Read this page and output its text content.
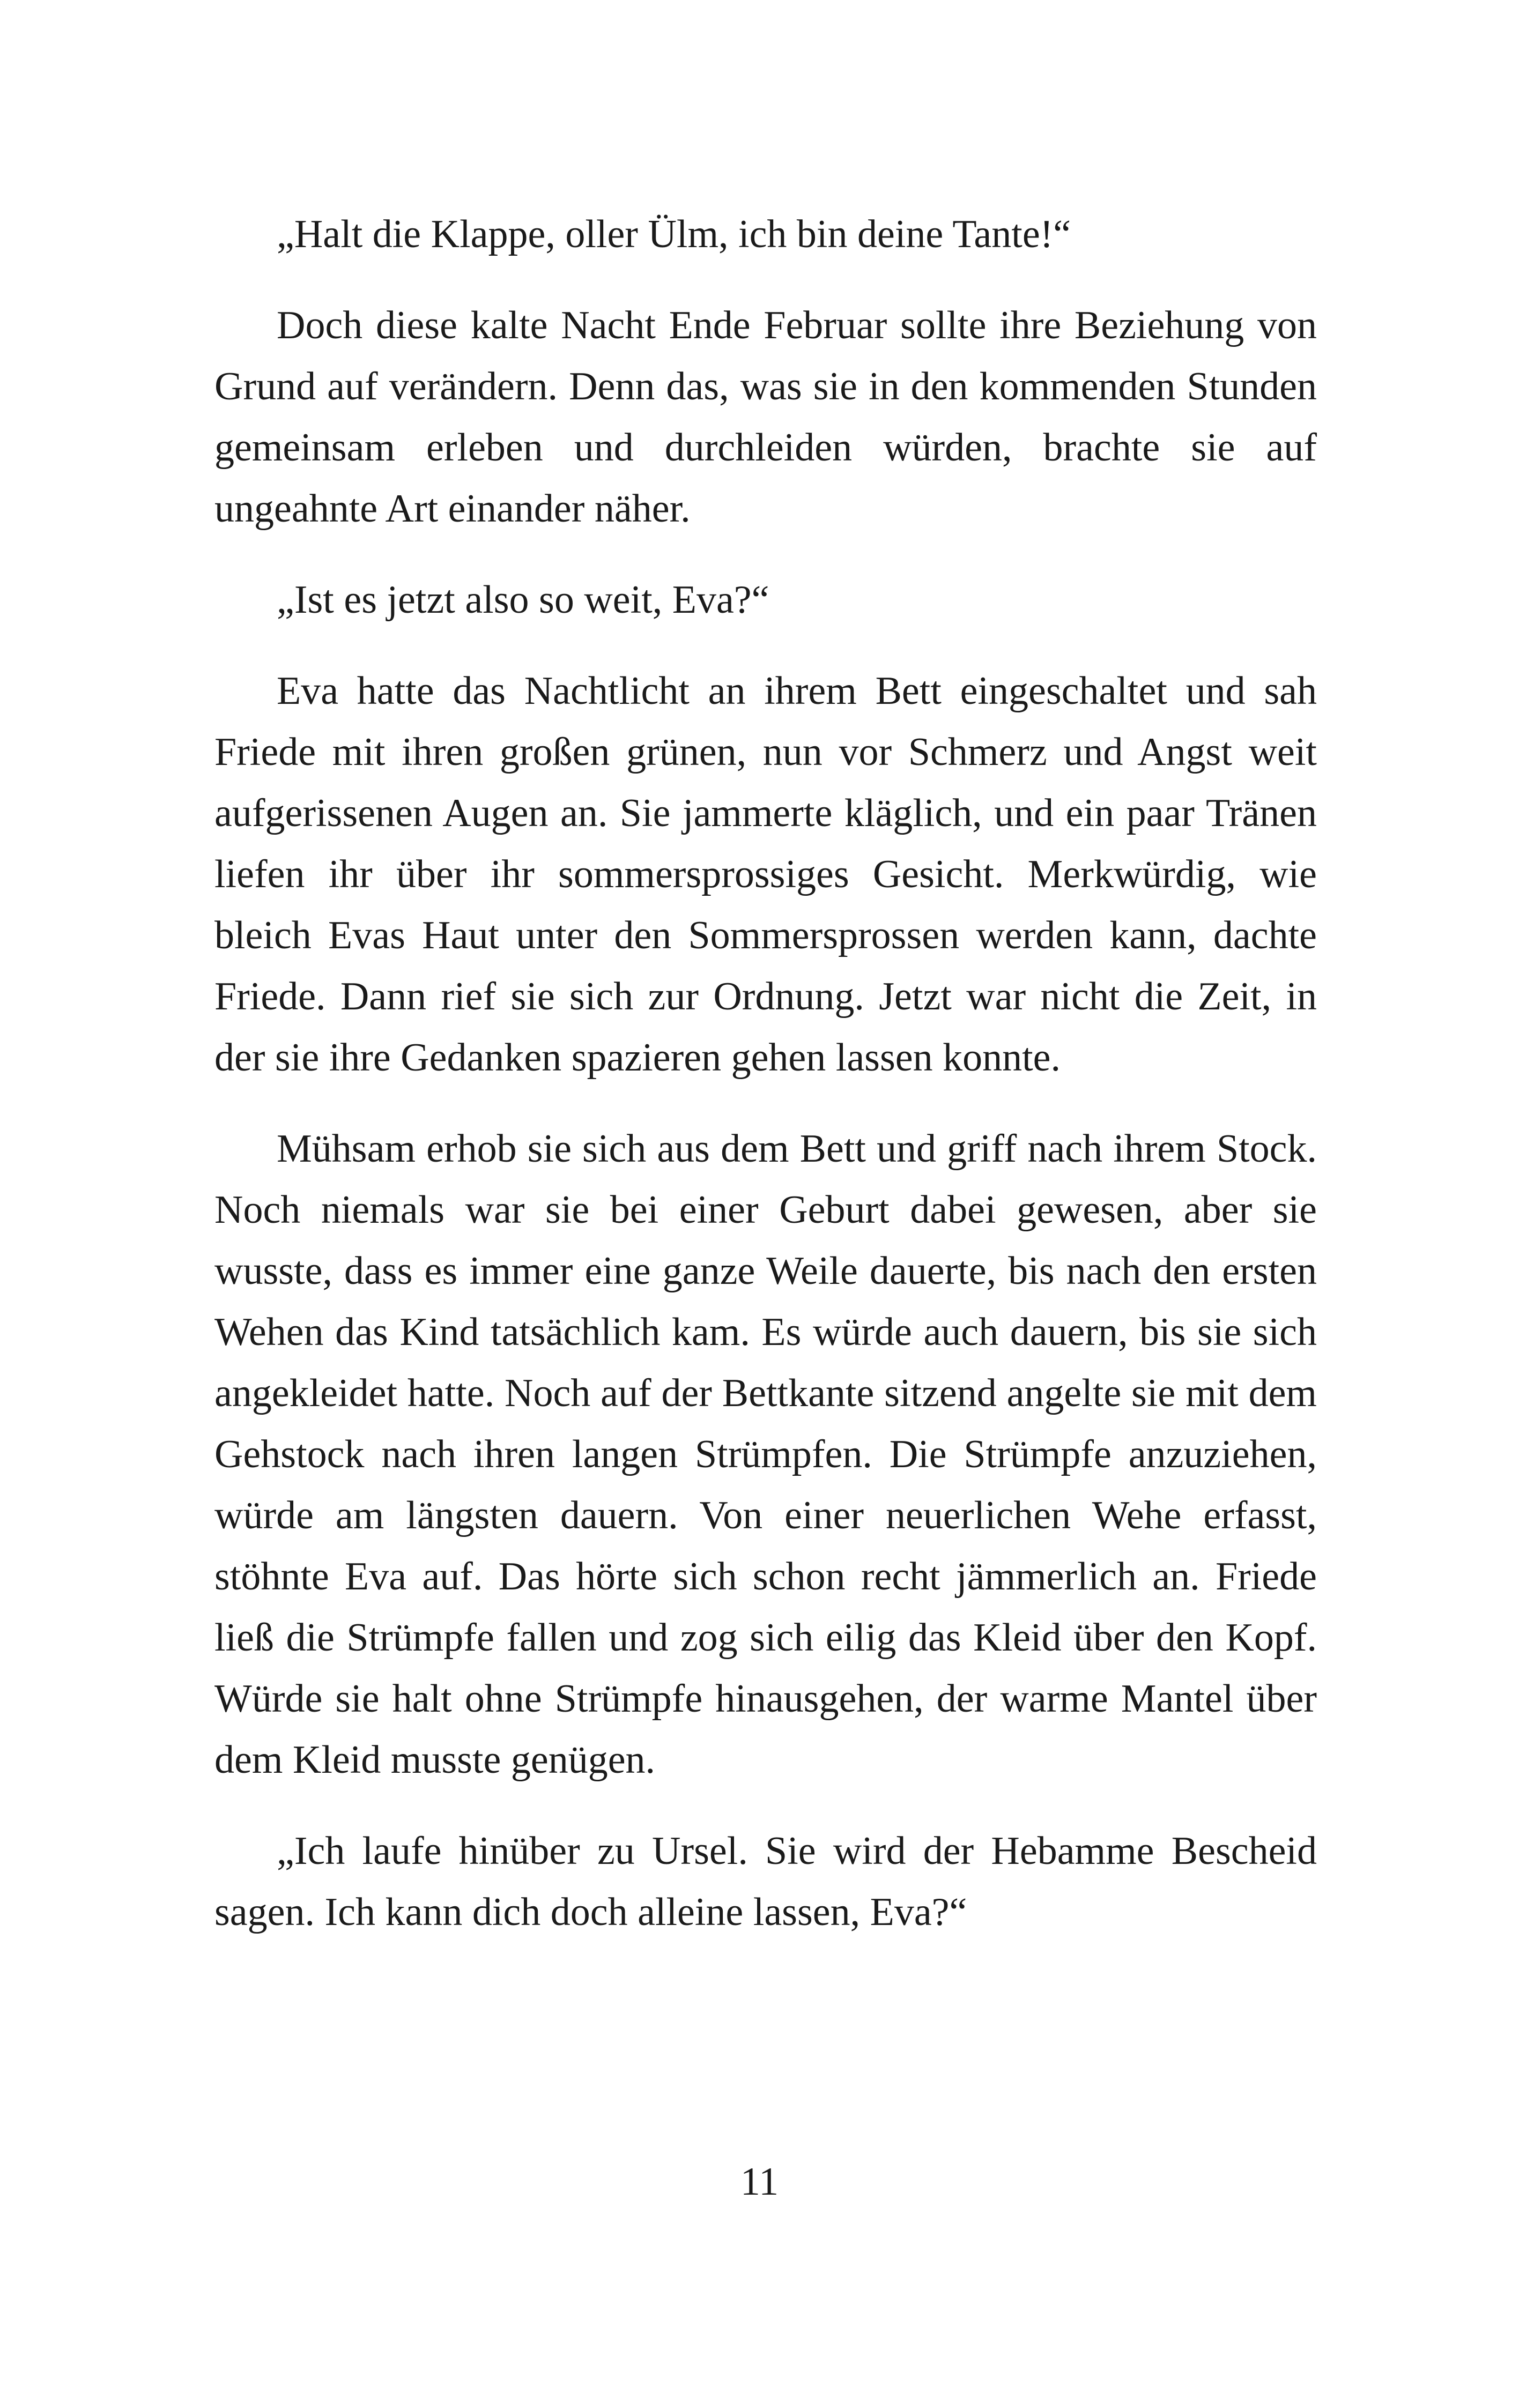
„Halt die Klappe, oller Ülm, ich bin deine Tante!“

Doch diese kalte Nacht Ende Februar sollte ihre Beziehung von Grund auf verändern. Denn das, was sie in den kommenden Stunden gemeinsam erleben und durchleiden würden, brachte sie auf ungeahnte Art einander näher.

„Ist es jetzt also so weit, Eva?“

Eva hatte das Nachtlicht an ihrem Bett eingeschaltet und sah Friede mit ihren großen grünen, nun vor Schmerz und Angst weit aufgerissenen Augen an. Sie jammerte kläglich, und ein paar Tränen liefen ihr über ihr sommersprossiges Gesicht. Merkwürdig, wie bleich Evas Haut unter den Sommersprossen werden kann, dachte Friede. Dann rief sie sich zur Ordnung. Jetzt war nicht die Zeit, in der sie ihre Gedanken spazieren gehen lassen konnte.

Mühsam erhob sie sich aus dem Bett und griff nach ihrem Stock. Noch niemals war sie bei einer Geburt dabei gewesen, aber sie wusste, dass es immer eine ganze Weile dauerte, bis nach den ersten Wehen das Kind tatsächlich kam. Es würde auch dauern, bis sie sich angekleidet hatte. Noch auf der Bettkante sitzend angelte sie mit dem Gehstock nach ihren langen Strümpfen. Die Strümpfe anzuziehen, würde am längsten dauern. Von einer neuerlichen Wehe erfasst, stöhnte Eva auf. Das hörte sich schon recht jämmerlich an. Friede ließ die Strümpfe fallen und zog sich eilig das Kleid über den Kopf. Würde sie halt ohne Strümpfe hinausgehen, der warme Mantel über dem Kleid musste genügen.

„Ich laufe hinüber zu Ursel. Sie wird der Hebamme Bescheid sagen. Ich kann dich doch alleine lassen, Eva?“

11
